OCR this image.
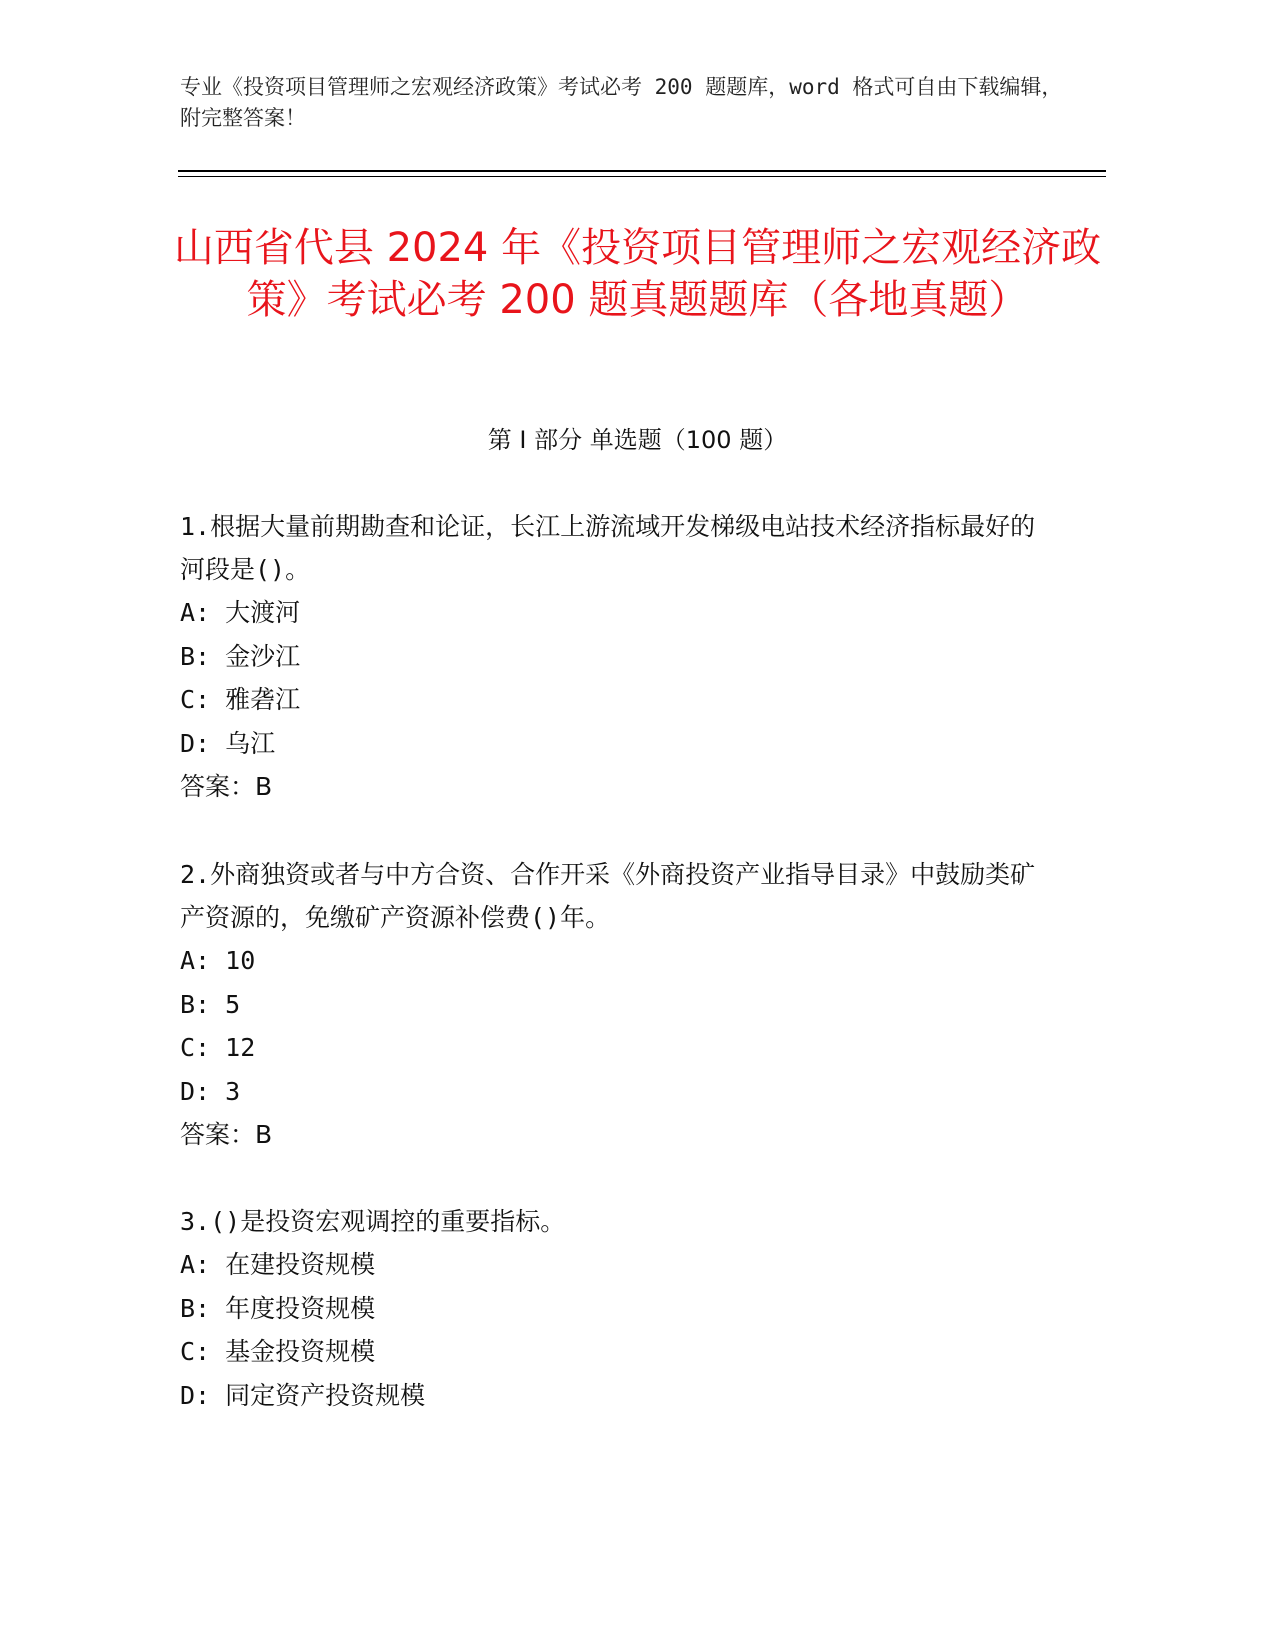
专业《投资项目管理师之宏观经济政策》考试必考 200 题题库，word 格式可自由下载编辑，附完整答案！
山西省代县 2024 年《投资项目管理师之宏观经济政策》考试必考 200 题真题题库（各地真题）
第 I 部分 单选题（100 题）
1.根据大量前期勘查和论证，长江上游流域开发梯级电站技术经济指标最好的河段是()。
A: 大渡河
B: 金沙江
C: 雅砻江
D: 乌江
答案：B
2.外商独资或者与中方合资、合作开采《外商投资产业指导目录》中鼓励类矿产资源的，免缴矿产资源补偿费()年。
A: 10
B: 5
C: 12
D: 3
答案：B
3.()是投资宏观调控的重要指标。
A: 在建投资规模
B: 年度投资规模
C: 基金投资规模
D: 同定资产投资规模
